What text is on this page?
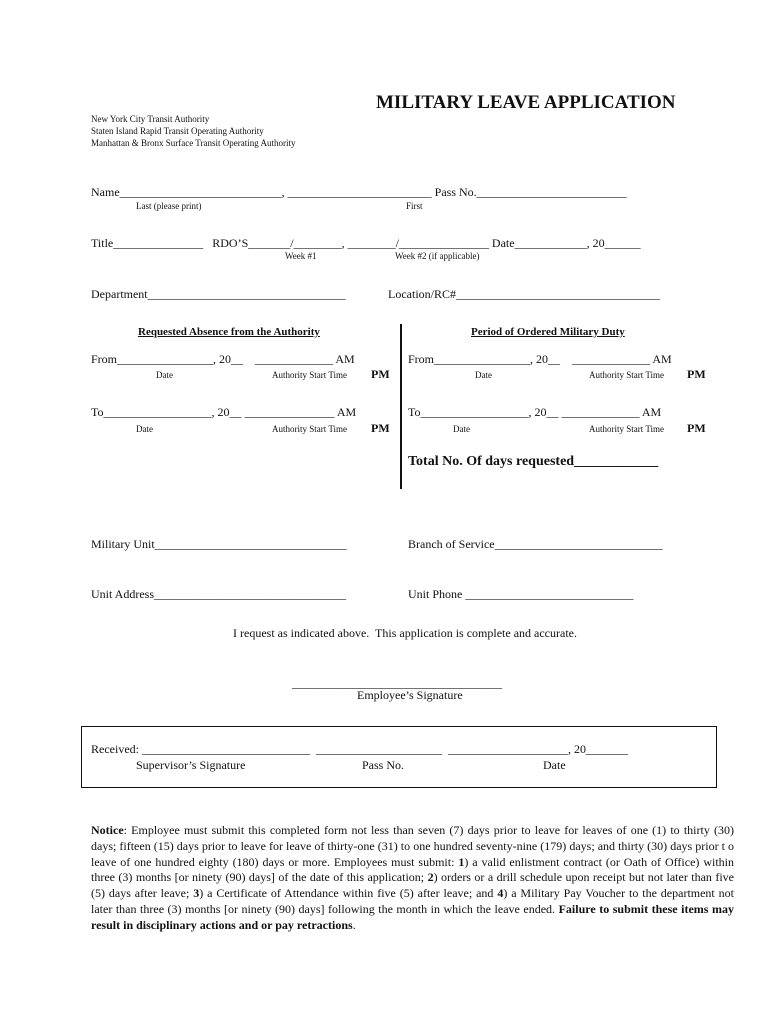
MILITARY LEAVE APPLICATION
New York City Transit Authority
Staten Island Rapid Transit Operating Authority
Manhattan & Bronx Surface Transit Operating Authority
Name___________________________, ________________________ Pass No._________________________
Last (please print)	First
Title_______________   RDO’S_______/________, ________/_______________ Date____________, 20______
Week #1	Week #2 (if applicable)
Department_________________________________	Location/RC#__________________________________
Requested Absence from the Authority
From________________, 20__    _____________ AM
PM
Date	Authority Start Time
To__________________, 20__ _______________ AM
PM
Date	Authority Start Time
Period of Ordered Military Duty
From________________, 20__    _____________ AM
PM
Date	Authority Start Time
To__________________, 20__ _____________ AM
PM
Date	Authority Start Time
Total No. Of days requested____________
Military Unit________________________________	Branch of Service____________________________
Unit Address________________________________	Unit Phone ____________________________
I request as indicated above.  This application is complete and accurate.
___________________________________
Employee’s Signature
Received: ____________________________  _____________________  ____________________, 20_______
Supervisor’s Signature	Pass No.	Date
Notice: Employee must submit this completed form not less than seven (7) days prior to leave for leaves of one (1) to thirty (30) days; fifteen (15) days prior to leave for leave of thirty-one (31) to one hundred seventy-nine (179) days; and thirty (30) days prior t o leave of one hundred eighty (180) days or more. Employees must submit: 1) a valid enlistment contract (or Oath of Office) within three (3) months [or ninety (90) days] of the date of this application; 2) orders or a drill schedule upon receipt but not later than five (5) days after leave; 3) a Certificate of Attendance within five (5) after leave; and 4) a Military Pay Voucher to the department not later than three (3) months [or ninety (90) days] following the month in which the leave ended. Failure to submit these items may result in disciplinary actions and or pay retractions.
